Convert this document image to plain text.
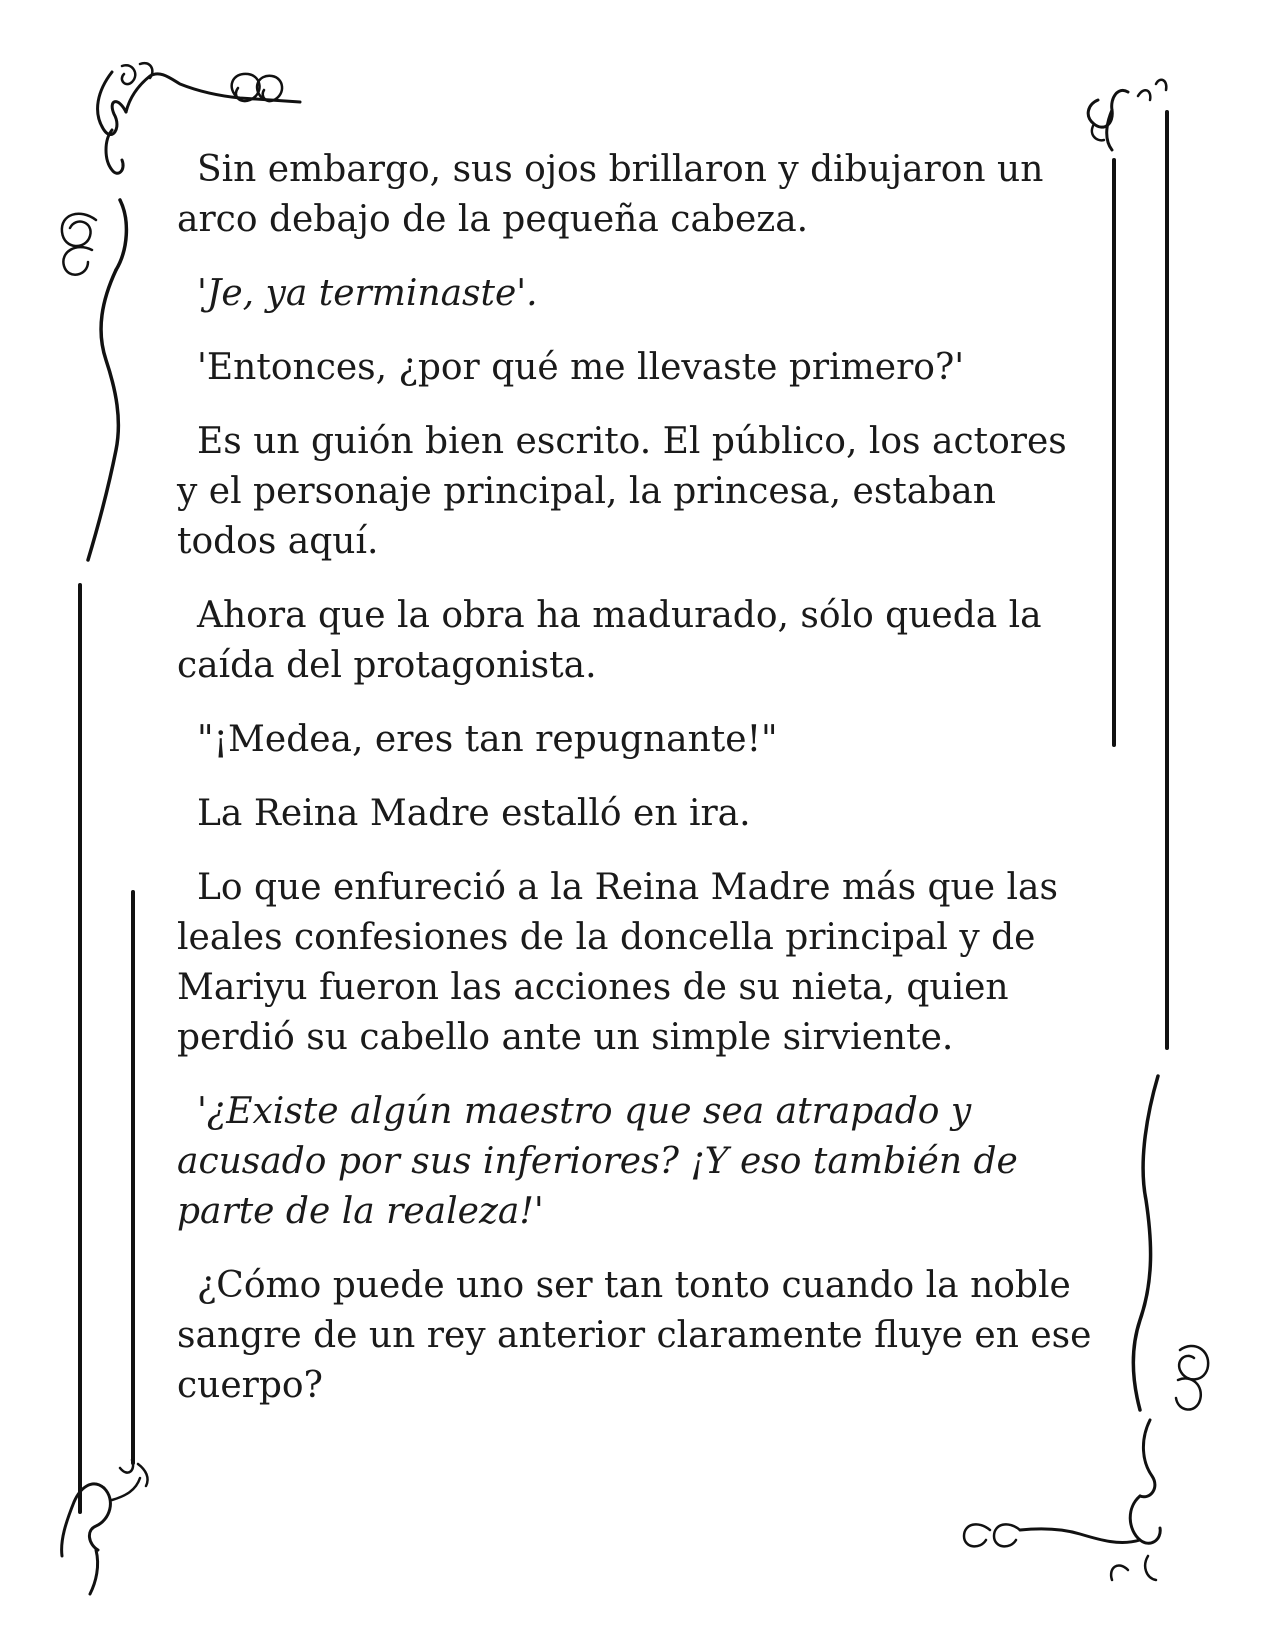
Sin embargo, sus ojos brillaron y dibujaron un arco debajo de la pequeña cabeza.

'Je, ya terminaste'.

'Entonces, ¿por qué me llevaste primero?'

Es un guión bien escrito. El público, los actores y el personaje principal, la princesa, estaban todos aquí.

Ahora que la obra ha madurado, sólo queda la caída del protagonista.

"¡Medea, eres tan repugnante!"

La Reina Madre estalló en ira.

Lo que enfureció a la Reina Madre más que las leales confesiones de la doncella principal y de Mariyu fueron las acciones de su nieta, quien perdió su cabello ante un simple sirviente.

'¿Existe algún maestro que sea atrapado y acusado por sus inferiores? ¡Y eso también de parte de la realeza!'

¿Cómo puede uno ser tan tonto cuando la noble sangre de un rey anterior claramente fluye en ese cuerpo?
